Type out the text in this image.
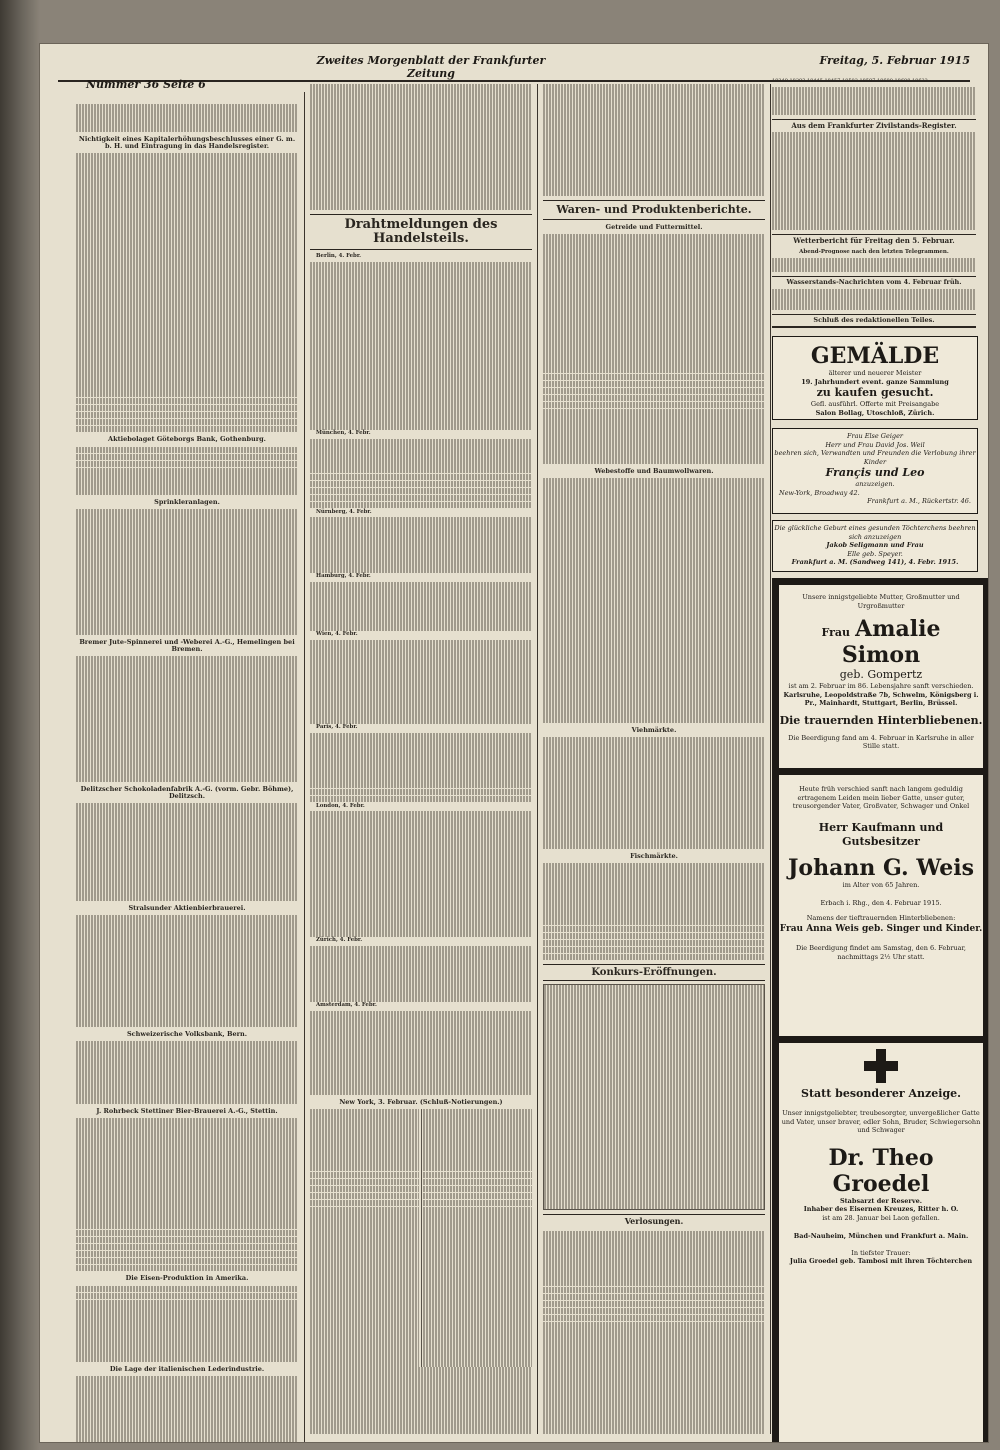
Nummer 36 Seite 6
Zweites Morgenblatt der Frankfurter Zeitung
Freitag, 5. Februar 1915
Nichtigkeit eines Kapitalerhöhungsbeschlusses einer G. m. b. H. und Eintragung in das Handelsregister.
Aktiebolaget Göteborgs Bank, Gothenburg.
Sprinkleranlagen.
Bremer Jute-Spinnerei und -Weberei A.-G., Hemelingen bei Bremen.
Delitzscher Schokoladenfabrik A.-G. (vorm. Gebr. Böhme), Delitzsch.
Stralsunder Aktienbierbrauerei.
Schweizerische Volksbank, Bern.
J. Rohrbeck Stettiner Bier-Brauerei A.-G., Stettin.
Die Eisen-Produktion in Amerika.
Die Lage der italienischen Lederindustrie.
Drahtmeldungen des Handelsteils.

Berlin, 4. Febr.

München, 4. Febr.

Nürnberg, 4. Febr.

Hamburg, 4. Febr.

Wien, 4. Febr.

Paris, 4. Febr.

London, 4. Febr.

Zürich, 4. Febr.

Amsterdam, 4. Febr.

New York, 3. Februar. (Schluß-Notierungen.)
Waren- und Produktenberichte.
Getreide und Futtermittel.
Webestoffe und Baumwollwaren.
Viehmärkte.
Fischmärkte.
Konkurs-Eröffnungen.
Verlosungen.

18249 18293 18445 18457 18502 18597 18600 18608 18622

Aus dem Frankfurter Zivilstands-Register.
Wetterbericht für Freitag den 5. Februar.
Abend-Prognose nach den letzten Telegrammen.
Wasserstands-Nachrichten vom 4. Februar früh.
Schluß des redaktionellen Teiles.
GEMÄLDE
älterer und neuerer Meister
19. Jahrhundert event. ganze Sammlung
zu kaufen gesucht.
Gefl. ausführl. Offerte mit Preisangabe
Salon Bollag, Utoschloß, Zürich.
Frau Else Geiger
Herr und Frau David Jos. Weil
beehren sich, Verwandten und Freunden die Verlobung ihrer Kinder
Françis und Leo
anzuzeigen.
New-York, Broadway 42.
Frankfurt a. M., Rückertstr. 46.
Die glückliche Geburt eines gesunden Töchterchens beehren sich anzuzeigen
Jakob Seligmann und Frau
Elle geb. Speyer.
Frankfurt a. M. (Sandweg 141), 4. Febr. 1915.
Unsere innigstgeliebte Mutter, Großmutter und Urgroßmutter
Frau Amalie Simon
geb. Gompertz
ist am 2. Februar im 86. Lebensjahre sanft verschieden.
Karlsruhe, Leopoldstraße 7b, Schwelm, Königsberg i. Pr., Mainhardt, Stuttgart, Berlin, Brüssel.
Die trauernden Hinterbliebenen.
Die Beerdigung fand am 4. Februar in Karlsruhe in aller Stille statt.
Heute früh verschied sanft nach langem geduldig ertragenem Leiden mein lieber Gatte, unser guter, treusorgender Vater, Großvater, Schwager und Onkel
Herr Kaufmann und Gutsbesitzer
Johann G. Weis
im Alter von 65 Jahren.
Erbach i. Rhg., den 4. Februar 1915.
Namens der tieftrauernden Hinterbliebenen:
Frau Anna Weis geb. Singer und Kinder.
Die Beerdigung findet am Samstag, den 6. Februar, nachmittags 2½ Uhr statt.
Statt besonderer Anzeige.
Unser innigstgeliebter, treubesorgter, unvergeßlicher Gatte und Vater, unser braver, edler Sohn, Bruder, Schwiegersohn und Schwager
Dr. Theo Groedel
Stabsarzt der Reserve.
Inhaber des Eisernen Kreuzes, Ritter h. O.
ist am 28. Januar bei Laon gefallen.
Bad-Nauheim, München und Frankfurt a. Main.
In tiefster Trauer:
Julia Groedel geb. Tambosi mit ihren Töchterchen
